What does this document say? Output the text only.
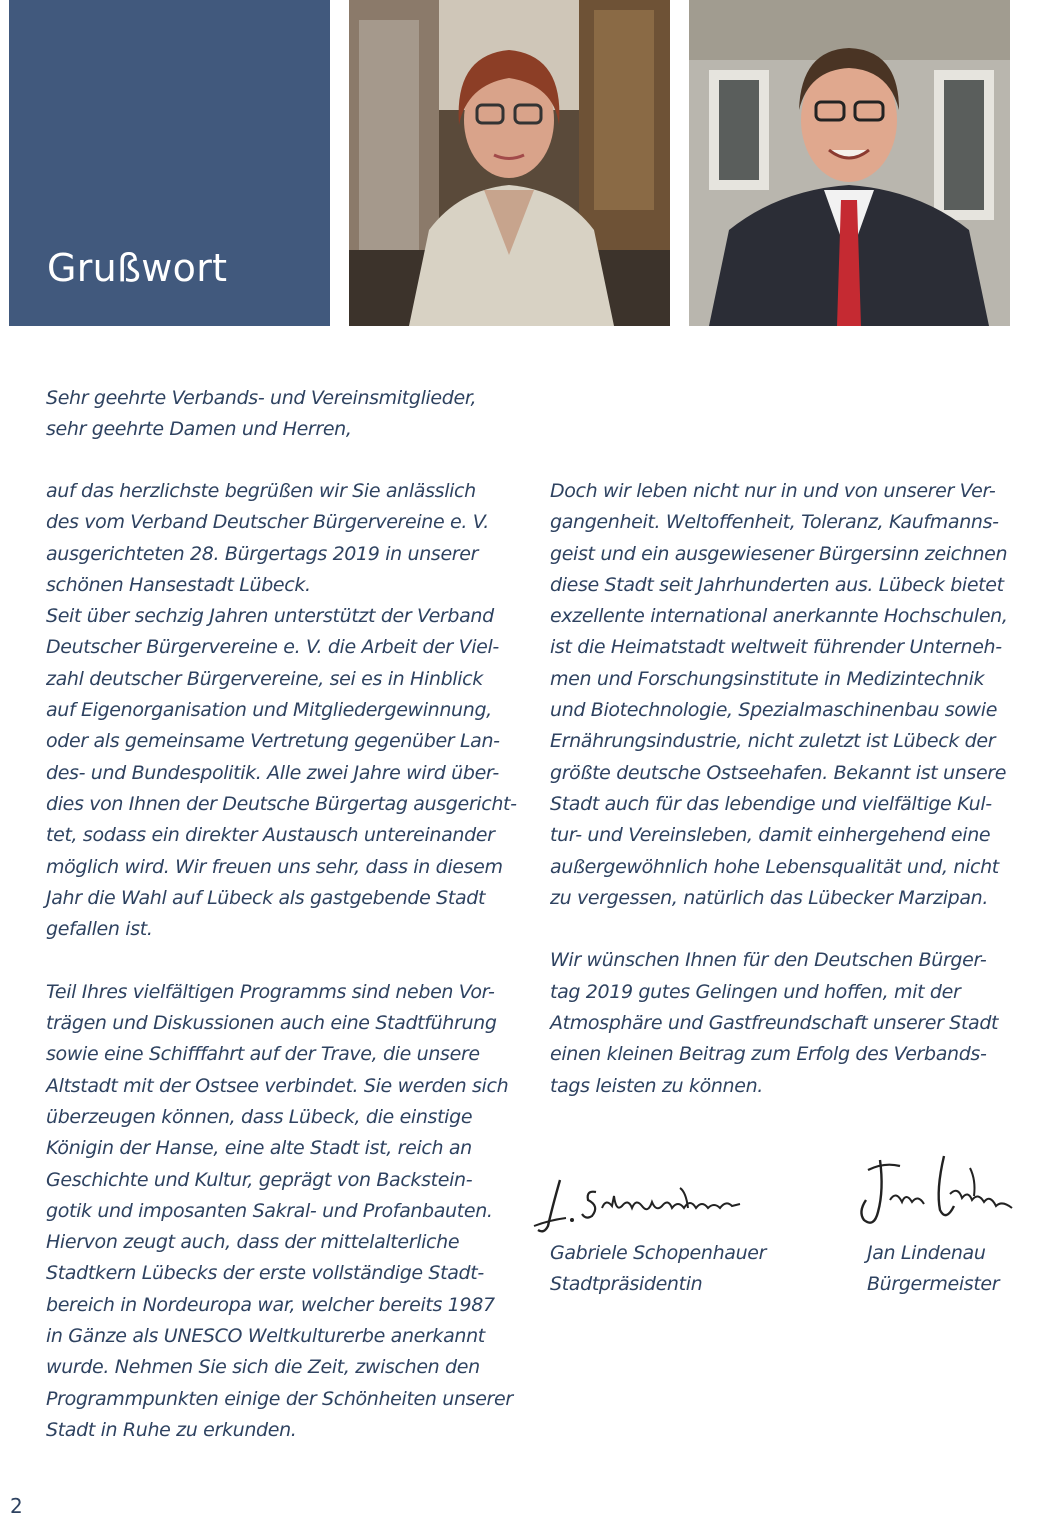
Grußwort
Sehr geehrte Verbands- und Vereinsmitglieder,
sehr geehrte Damen und Herren,
auf das herzlichste begrüßen wir Sie anlässlich
des vom Verband Deutscher Bürgervereine e. V.
ausgerichteten 28. Bürgertags 2019 in unserer
schönen Hansestadt Lübeck.
Seit über sechzig Jahren unterstützt der Verband
Deutscher Bürgervereine e. V. die Arbeit der Viel-
zahl deutscher Bürgervereine, sei es in Hinblick
auf Eigenorganisation und Mitgliedergewinnung,
oder als gemeinsame Vertretung gegenüber Lan-
des- und Bundespolitik. Alle zwei Jahre wird über-
dies von Ihnen der Deutsche Bürgertag ausgericht-
tet, sodass ein direkter Austausch untereinander
möglich wird. Wir freuen uns sehr, dass in diesem
Jahr die Wahl auf Lübeck als gastgebende Stadt
gefallen ist.
Teil Ihres vielfältigen Programms sind neben Vor-
trägen und Diskussionen auch eine Stadtführung
sowie eine Schifffahrt auf der Trave, die unsere
Altstadt mit der Ostsee verbindet. Sie werden sich
überzeugen können, dass Lübeck, die einstige
Königin der Hanse, eine alte Stadt ist, reich an
Geschichte und Kultur, geprägt von Backstein-
gotik und imposanten Sakral- und Profanbauten.
Hiervon zeugt auch, dass der mittelalterliche
Stadtkern Lübecks der erste vollständige Stadt-
bereich in Nordeuropa war, welcher bereits 1987
in Gänze als UNESCO Weltkulturerbe anerkannt
wurde. Nehmen Sie sich die Zeit, zwischen den
Programmpunkten einige der Schönheiten unserer
Stadt in Ruhe zu erkunden.
Doch wir leben nicht nur in und von unserer Ver-
gangenheit. Weltoffenheit, Toleranz, Kaufmanns-
geist und ein ausgewiesener Bürgersinn zeichnen
diese Stadt seit Jahrhunderten aus. Lübeck bietet
exzellente international anerkannte Hochschulen,
ist die Heimatstadt weltweit führender Unterneh-
men und Forschungsinstitute in Medizintechnik
und Biotechnologie, Spezialmaschinenbau sowie
Ernährungsindustrie, nicht zuletzt ist Lübeck der
größte deutsche Ostseehafen. Bekannt ist unsere
Stadt auch für das lebendige und vielfältige Kul-
tur- und Vereinsleben, damit einhergehend eine
außergewöhnlich hohe Lebensqualität und, nicht
zu vergessen, natürlich das Lübecker Marzipan.
Wir wünschen Ihnen für den Deutschen Bürger-
tag 2019 gutes Gelingen und hoffen, mit der
Atmosphäre und Gastfreundschaft unserer Stadt
einen kleinen Beitrag zum Erfolg des Verbands-
tags leisten zu können.
Gabriele Schopenhauer
Stadtpräsidentin
Jan Lindenau
Bürgermeister
2
